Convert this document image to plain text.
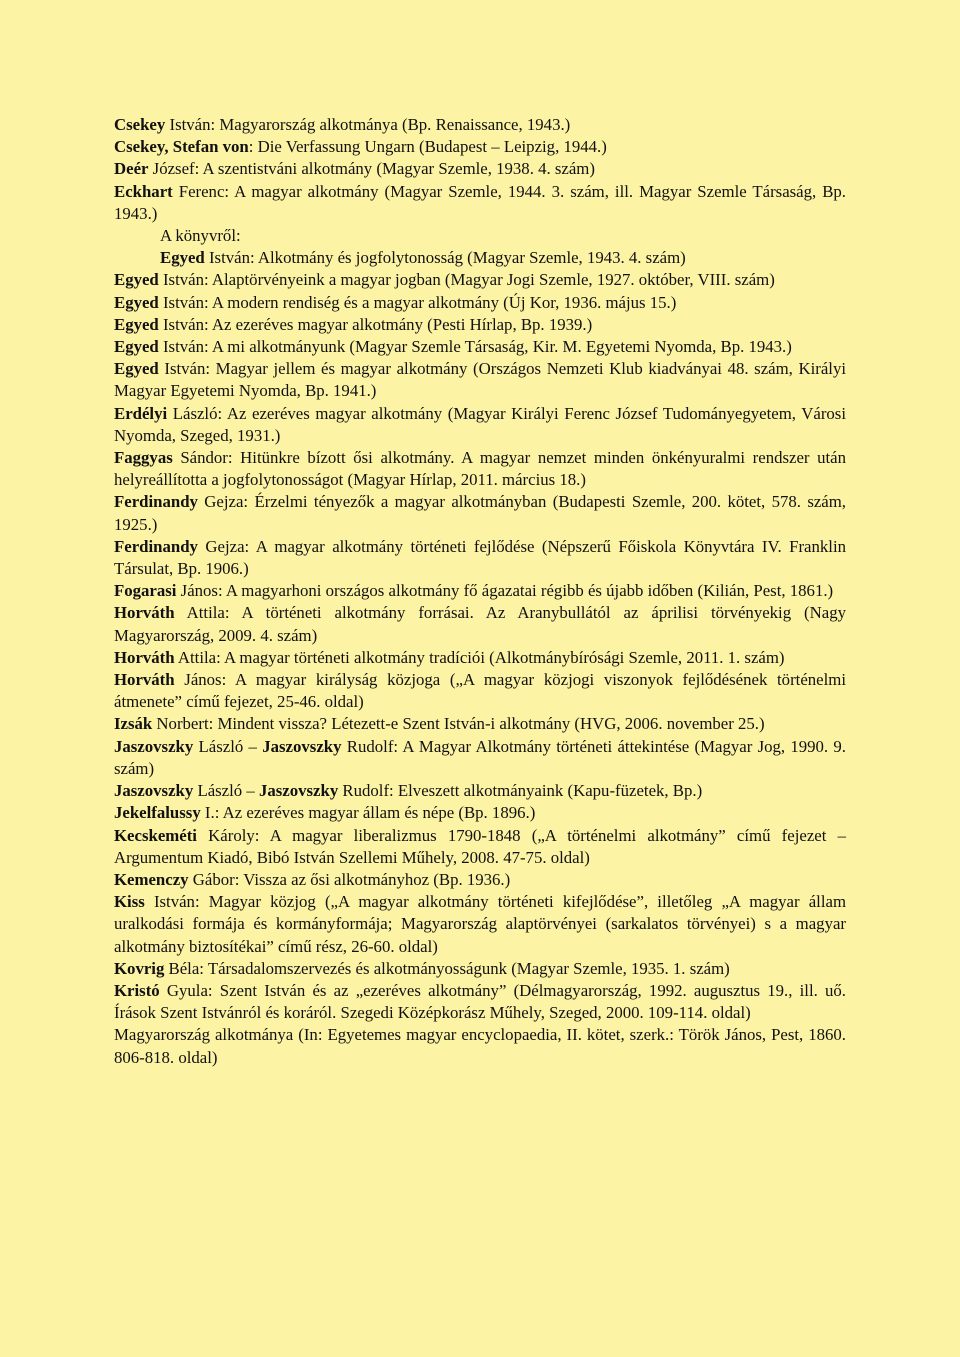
Csekey István: Magyarország alkotmánya (Bp. Renaissance, 1943.)
Csekey, Stefan von: Die Verfassung Ungarn (Budapest – Leipzig, 1944.)
Deér József: A szentistváni alkotmány (Magyar Szemle, 1938. 4. szám)
Eckhart Ferenc: A magyar alkotmány (Magyar Szemle, 1944. 3. szám, ill. Magyar Szemle Társaság, Bp. 1943.)
A könyvről:
Egyed István: Alkotmány és jogfolytonosság (Magyar Szemle, 1943. 4. szám)
Egyed István: Alaptörvényeink a magyar jogban (Magyar Jogi Szemle, 1927. október, VIII. szám)
Egyed István: A modern rendiség és a magyar alkotmány (Új Kor, 1936. május 15.)
Egyed István: Az ezeréves magyar alkotmány (Pesti Hírlap, Bp. 1939.)
Egyed István: A mi alkotmányunk (Magyar Szemle Társaság, Kir. M. Egyetemi Nyomda, Bp. 1943.)
Egyed István: Magyar jellem és magyar alkotmány (Országos Nemzeti Klub kiadványai 48. szám, Királyi Magyar Egyetemi Nyomda, Bp. 1941.)
Erdélyi László: Az ezeréves magyar alkotmány (Magyar Királyi Ferenc József Tudományegyetem, Városi Nyomda, Szeged, 1931.)
Faggyas Sándor: Hitünkre bízott ősi alkotmány. A magyar nemzet minden önkényuralmi rendszer után helyreállította a jogfolytonosságot (Magyar Hírlap, 2011. március 18.)
Ferdinandy Gejza: Érzelmi tényezők a magyar alkotmányban (Budapesti Szemle, 200. kötet, 578. szám, 1925.)
Ferdinandy Gejza: A magyar alkotmány történeti fejlődése (Népszerű Főiskola Könyvtára IV. Franklin Társulat, Bp. 1906.)
Fogarasi János: A magyarhoni országos alkotmány fő ágazatai régibb és újabb időben (Kilián, Pest, 1861.)
Horváth Attila: A történeti alkotmány forrásai. Az Aranybullától az áprilisi törvényekig (Nagy Magyarország, 2009. 4. szám)
Horváth Attila: A magyar történeti alkotmány tradíciói (Alkotmánybírósági Szemle, 2011. 1. szám)
Horváth János: A magyar királyság közjoga („A magyar közjogi viszonyok fejlődésének történelmi átmenete” című fejezet, 25-46. oldal)
Izsák Norbert: Mindent vissza? Létezett-e Szent István-i alkotmány (HVG, 2006. november 25.)
Jaszovszky László – Jaszovszky Rudolf: A Magyar Alkotmány történeti áttekintése (Magyar Jog, 1990. 9. szám)
Jaszovszky László – Jaszovszky Rudolf: Elveszett alkotmányaink (Kapu-füzetek, Bp.)
Jekelfalussy I.: Az ezeréves magyar állam és népe (Bp. 1896.)
Kecskeméti Károly: A magyar liberalizmus 1790-1848 („A történelmi alkotmány” című fejezet – Argumentum Kiadó, Bibó István Szellemi Műhely, 2008. 47-75. oldal)
Kemenczy Gábor: Vissza az ősi alkotmányhoz (Bp. 1936.)
Kiss István: Magyar közjog („A magyar alkotmány történeti kifejlődése”, illetőleg „A magyar állam uralkodási formája és kormányformája; Magyarország alaptörvényei (sarkalatos törvényei) s a magyar alkotmány biztosítékai” című rész, 26-60. oldal)
Kovrig Béla: Társadalomszervezés és alkotmányosságunk (Magyar Szemle, 1935. 1. szám)
Kristó Gyula: Szent István és az „ezeréves alkotmány” (Délmagyarország, 1992. augusztus 19., ill. uő. Írások Szent Istvánról és koráról. Szegedi Középkorász Műhely, Szeged, 2000. 109-114. oldal)
Magyarország alkotmánya (In: Egyetemes magyar encyclopaedia, II. kötet, szerk.: Török János, Pest, 1860. 806-818. oldal)
